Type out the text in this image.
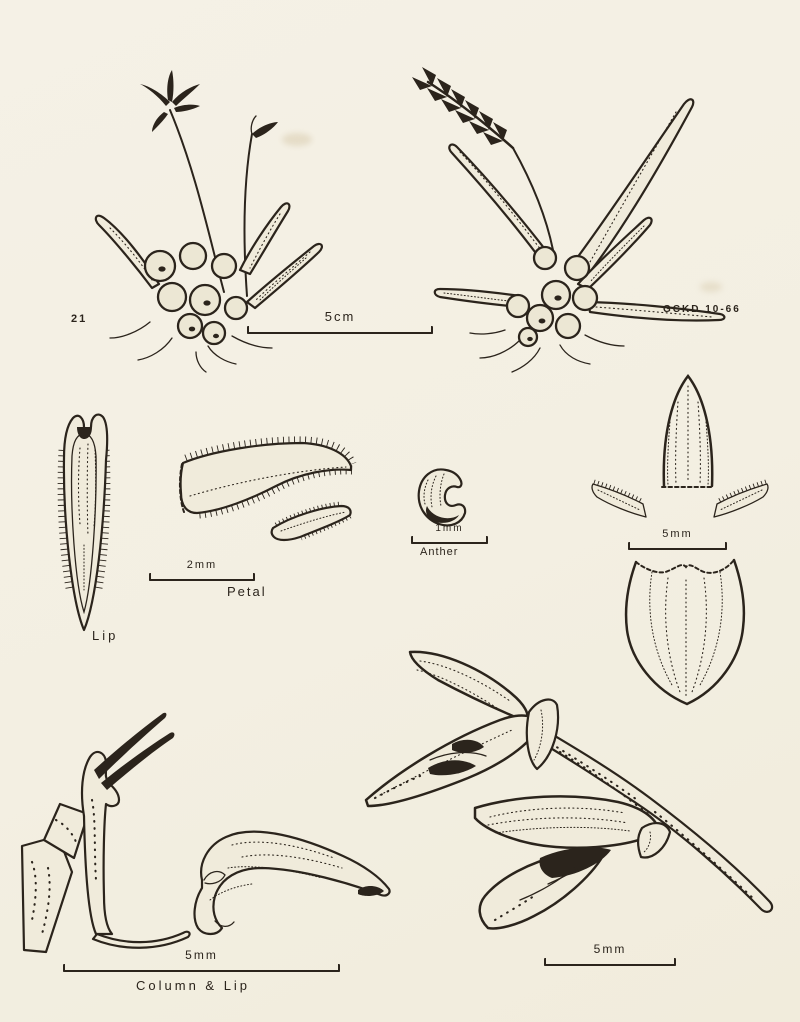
21
GCKD 10-66
Lip
Petal
Anther
Column & Lip
5cm
2mm
1mm	5mm
5mm	5mm
